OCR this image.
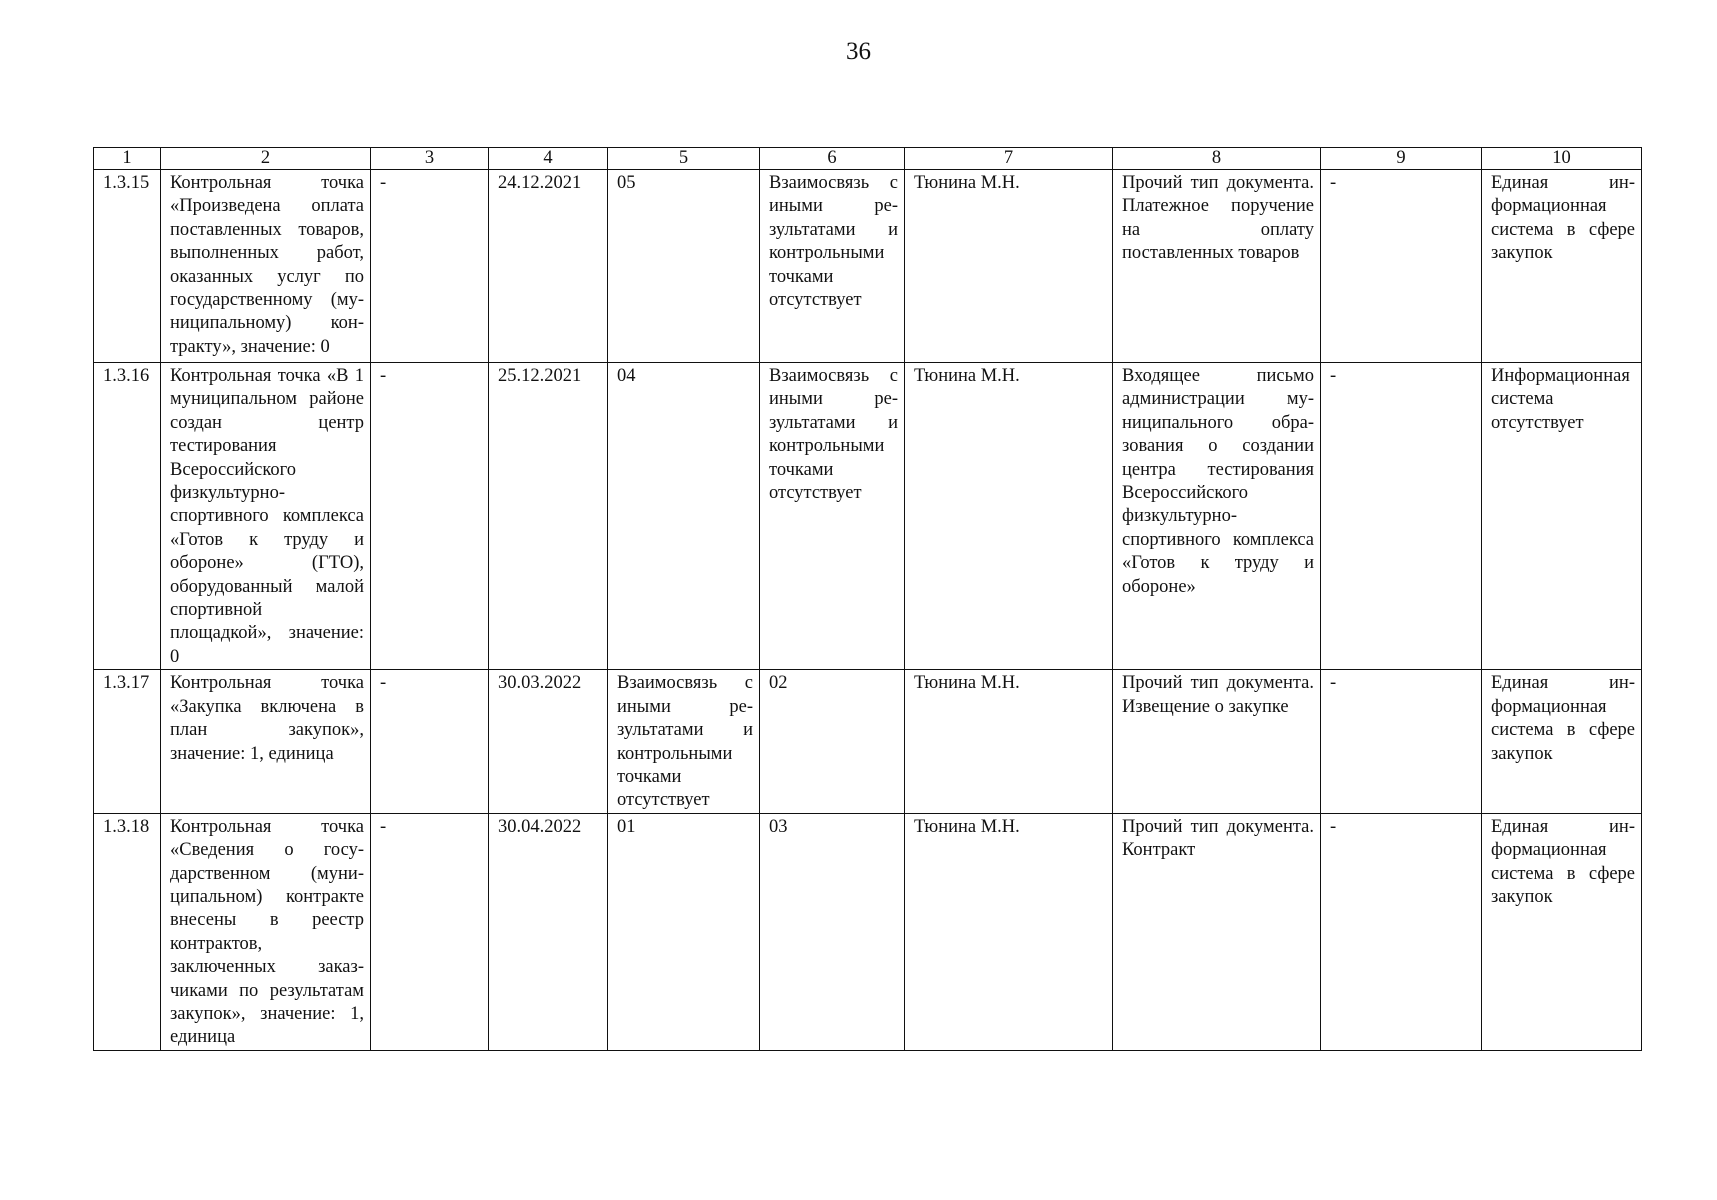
36
1	2	3	4	5	6	7	8	9	10
1.3.15	Контрольная точка «Произведена оплата поставленных товаров, выполненных работ, оказанных услуг по государственному (муниципальному) контракту», значение: 0	-	24.12.2021	05	Взаимосвязь с иными результатами и контрольными точками отсутствует	Тюнина М.Н.	Прочий тип документа. Платежное поручение на оплату поставленных товаров	-	Единая информационная система в сфере закупок
1.3.16	Контрольная точка «В 1 муниципальном районе создан центр тестирования Всероссийского физкультурно-спортивного комплекса «Готов к труду и обороне» (ГТО), оборудованный малой спортивной площадкой», значение: 0	-	25.12.2021	04	Взаимосвязь с иными результатами и контрольными точками отсутствует	Тюнина М.Н.	Входящее письмо администрации муниципального образования о создании центра тестирования Всероссийского физкультурно-спортивного комплекса «Готов к труду и обороне»	-	Информационная система отсутствует
1.3.17	Контрольная точка «Закупка включена в план закупок», значение: 1, единица	-	30.03.2022	Взаимосвязь с иными результатами и контрольными точками отсутствует	02	Тюнина М.Н.	Прочий тип документа. Извещение о закупке	-	Единая информационная система в сфере закупок
1.3.18	Контрольная точка «Сведения о государственном (муниципальном) контракте внесены в реестр контрактов, заключенных заказчиками по результатам закупок», значение: 1, единица	-	30.04.2022	01	03	Тюнина М.Н.	Прочий тип документа. Контракт	-	Единая информационная система в сфере закупок
